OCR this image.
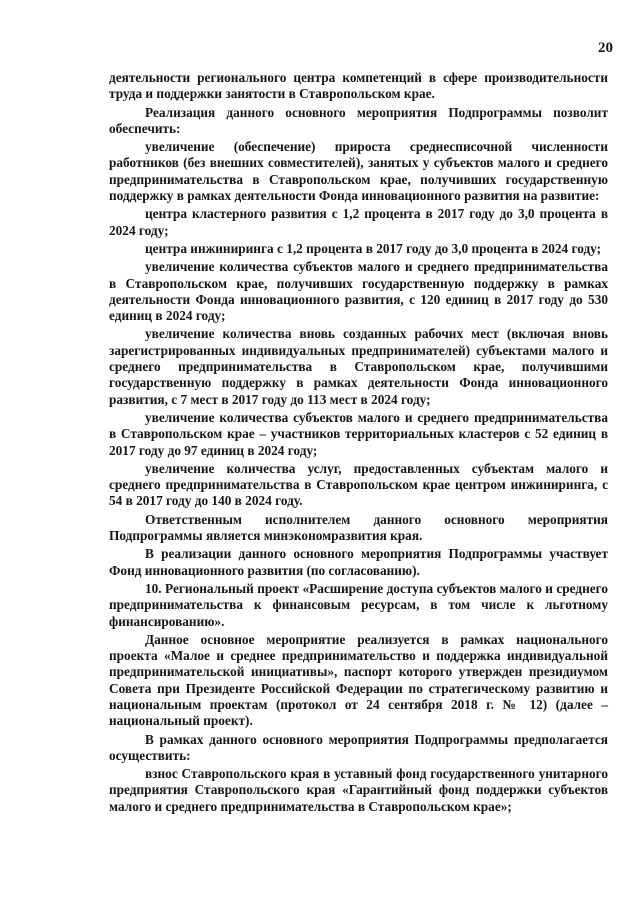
20

деятельности регионального центра компетенций в сфере производительности труда и поддержки занятости в Ставропольском крае.

Реализация данного основного мероприятия Подпрограммы позволит обеспечить:

увеличение (обеспечение) прироста среднесписочной численности работников (без внешних совместителей), занятых у субъектов малого и среднего предпринимательства в Ставропольском крае, получивших государственную поддержку в рамках деятельности Фонда инновационного развития на развитие:

центра кластерного развития с 1,2 процента в 2017 году до 3,0 процента в 2024 году;

центра инжиниринга с 1,2 процента в 2017 году до 3,0 процента в 2024 году;

увеличение количества субъектов малого и среднего предпринимательства в Ставропольском крае, получивших государственную поддержку в рамках деятельности Фонда инновационного развития, с 120 единиц в 2017 году до 530 единиц в 2024 году;

увеличение количества вновь созданных рабочих мест (включая вновь зарегистрированных индивидуальных предпринимателей) субъектами малого и среднего предпринимательства в Ставропольском крае, получившими государственную поддержку в рамках деятельности Фонда инновационного развития, с 7 мест в 2017 году до 113 мест в 2024 году;

увеличение количества субъектов малого и среднего предпринимательства в Ставропольском крае – участников территориальных кластеров с 52 единиц в 2017 году до 97 единиц в 2024 году;

увеличение количества услуг, предоставленных субъектам малого и среднего предпринимательства в Ставропольском крае центром инжиниринга, с 54 в 2017 году до 140 в 2024 году.

Ответственным исполнителем данного основного мероприятия Подпрограммы является минэкономразвития края.

В реализации данного основного мероприятия Подпрограммы участвует Фонд инновационного развития (по согласованию).

10. Региональный проект «Расширение доступа субъектов малого и среднего предпринимательства к финансовым ресурсам, в том числе к льготному финансированию».

Данное основное мероприятие реализуется в рамках национального проекта «Малое и среднее предпринимательство и поддержка индивидуальной предпринимательской инициативы», паспорт которого утвержден президиумом Совета при Президенте Российской Федерации по стратегическому развитию и национальным проектам (протокол от 24 сентября 2018 г. № 12) (далее – национальный проект).

В рамках данного основного мероприятия Подпрограммы предполагается осуществить:

взнос Ставропольского края в уставный фонд государственного унитарного предприятия Ставропольского края «Гарантийный фонд поддержки субъектов малого и среднего предпринимательства в Ставропольском крае»;
